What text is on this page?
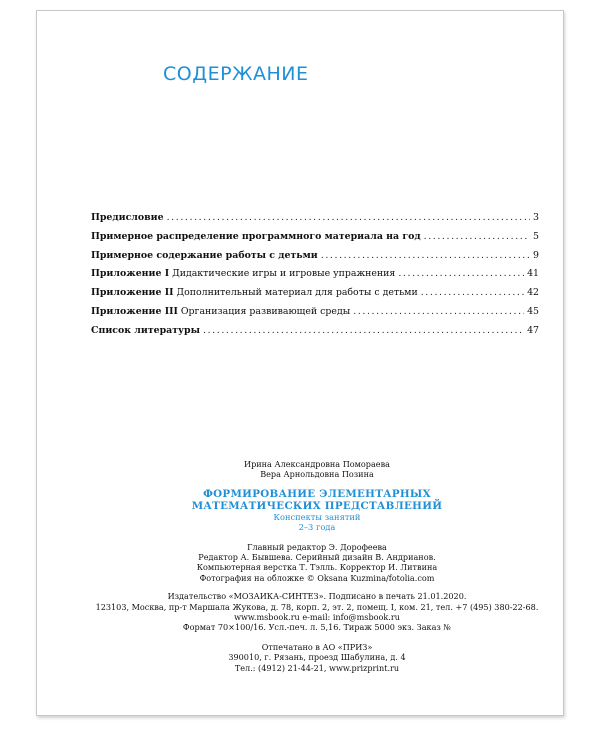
СОДЕРЖАНИЕ
Предисловие .....	3
Примерное распределение программного материала на год .....	5
Примерное содержание работы с детьми .....	9
Приложение I Дидактические игры и игровые упражнения .....	41
Приложение II Дополнительный материал для работы с детьми .....	42
Приложение III Организация развивающей среды .....	45
Список литературы .....	47
Ирина Александровна Помораева
Вера Арнольдовна Позина
ФОРМИРОВАНИЕ ЭЛЕМЕНТАРНЫХ
МАТЕМАТИЧЕСКИХ ПРЕДСТАВЛЕНИЙ
Конспекты занятий
2–3 года
Главный редактор Э. Дорофеева
Редактор А. Бывшева. Серийный дизайн В. Андрианов.
Компьютерная верстка Т. Тэлль. Корректор И. Литвина
Фотография на обложке © Oksana Kuzmina/fotolia.com
Издательство «МОЗАИКА-СИНТЕЗ». Подписано в печать 21.01.2020.
123103, Москва, пр-т Маршала Жукова, д. 78, корп. 2, эт. 2, помещ. I, ком. 21, тел. +7 (495) 380-22-68.
www.msbook.ru e-mail: info@msbook.ru
Формат 70×100/16. Усл.-печ. л. 5,16. Тираж 5000 экз. Заказ №
Отпечатано в АО «ПРИЗ»
390010, г. Рязань, проезд Шабулина, д. 4
Тел.: (4912) 21-44-21, www.prizprint.ru
